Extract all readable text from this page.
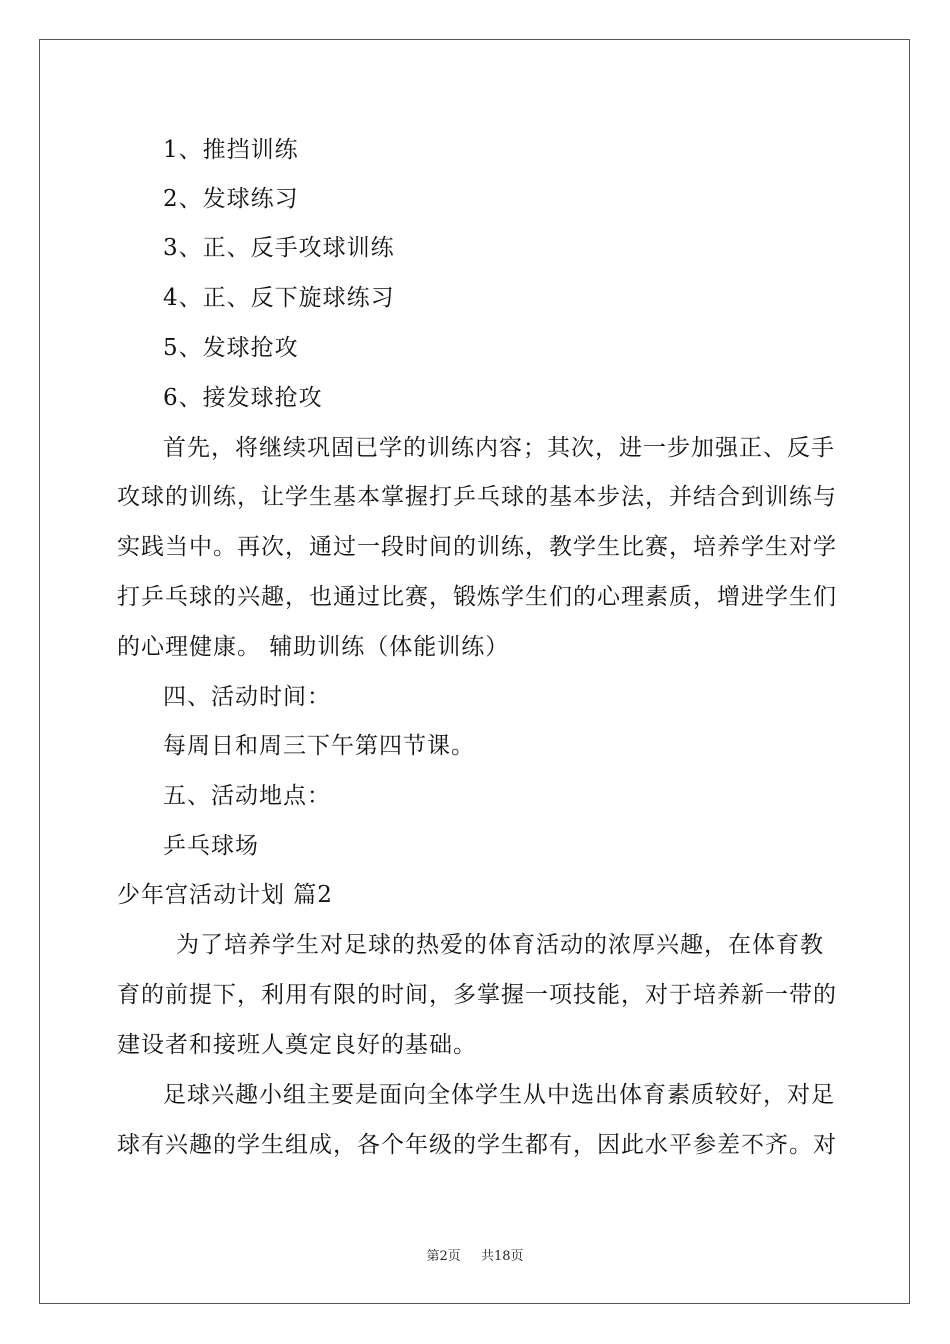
1、推挡训练
2、发球练习
3、正、反手攻球训练
4、正、反下旋球练习
5、发球抢攻
6、接发球抢攻
首先，将继续巩固已学的训练内容；其次，进一步加强正、反手
攻球的训练，让学生基本掌握打乒乓球的基本步法，并结合到训练与
实践当中。再次，通过一段时间的训练，教学生比赛，培养学生对学
打乒乓球的兴趣，也通过比赛，锻炼学生们的心理素质，增进学生们
的心理健康。 辅助训练（体能训练）
四、活动时间：
每周日和周三下午第四节课。
五、活动地点：
乒乓球场
少年宫活动计划 篇2
为了培养学生对足球的热爱的体育活动的浓厚兴趣，在体育教
育的前提下，利用有限的时间，多掌握一项技能，对于培养新一带的
建设者和接班人奠定良好的基础。
足球兴趣小组主要是面向全体学生从中选出体育素质较好，对足
球有兴趣的学生组成，各个年级的学生都有，因此水平参差不齐。对
第2页 共18页
